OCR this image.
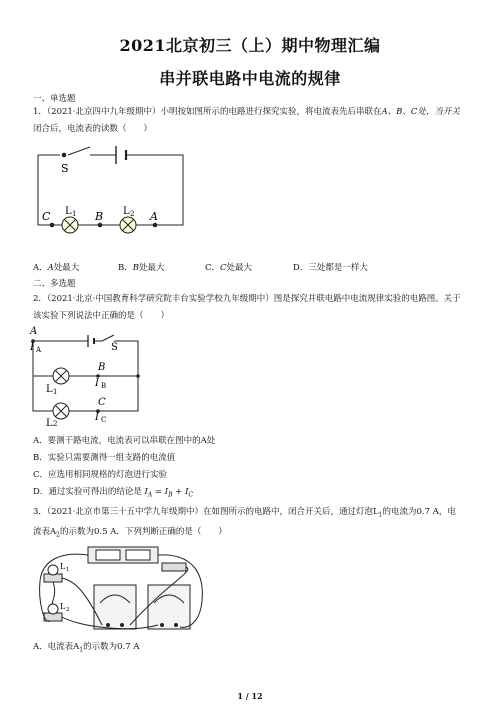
2021北京初三（上）期中物理汇编
串并联电路中电流的规律
一、单选题
1．（2021·北京四中九年级期中）小明按如图所示的电路进行探究实验，将电流表先后串联在A、B、C处，当开关
闭合后，电流表的读数（　　）
S
L 1	L 2
C	B	A
A．A处最大	B．B处最大	C．C处最大	D．三处都是一样大
二、多选题
2．（2021·北京·中国教育科学研究院丰台实验学校九年级期中）图是探究并联电路中电流规律实验的电路图。关于
该实验下列说法中正确的是（　　）
A
I A	S
B
I B
L 1
C
I C
L 2
A．要测干路电流，电流表可以串联在图中的A处
B．实验只需要测得一组支路的电流值
C．应选用相同规格的灯泡进行实验
D．通过实验可得出的结论是 $I_A = I_B + I_C$
3．（2021·北京市第三十五中学九年级期中）在如图所示的电路中，闭合开关后，通过灯泡$L_1$的电流为0.7 A，电
流表$A_2$的示数为0.5 A．下列判断正确的是（　　）
L 1
L 2
A．电流表$A_1$的示数为0.7 A
1 / 12
